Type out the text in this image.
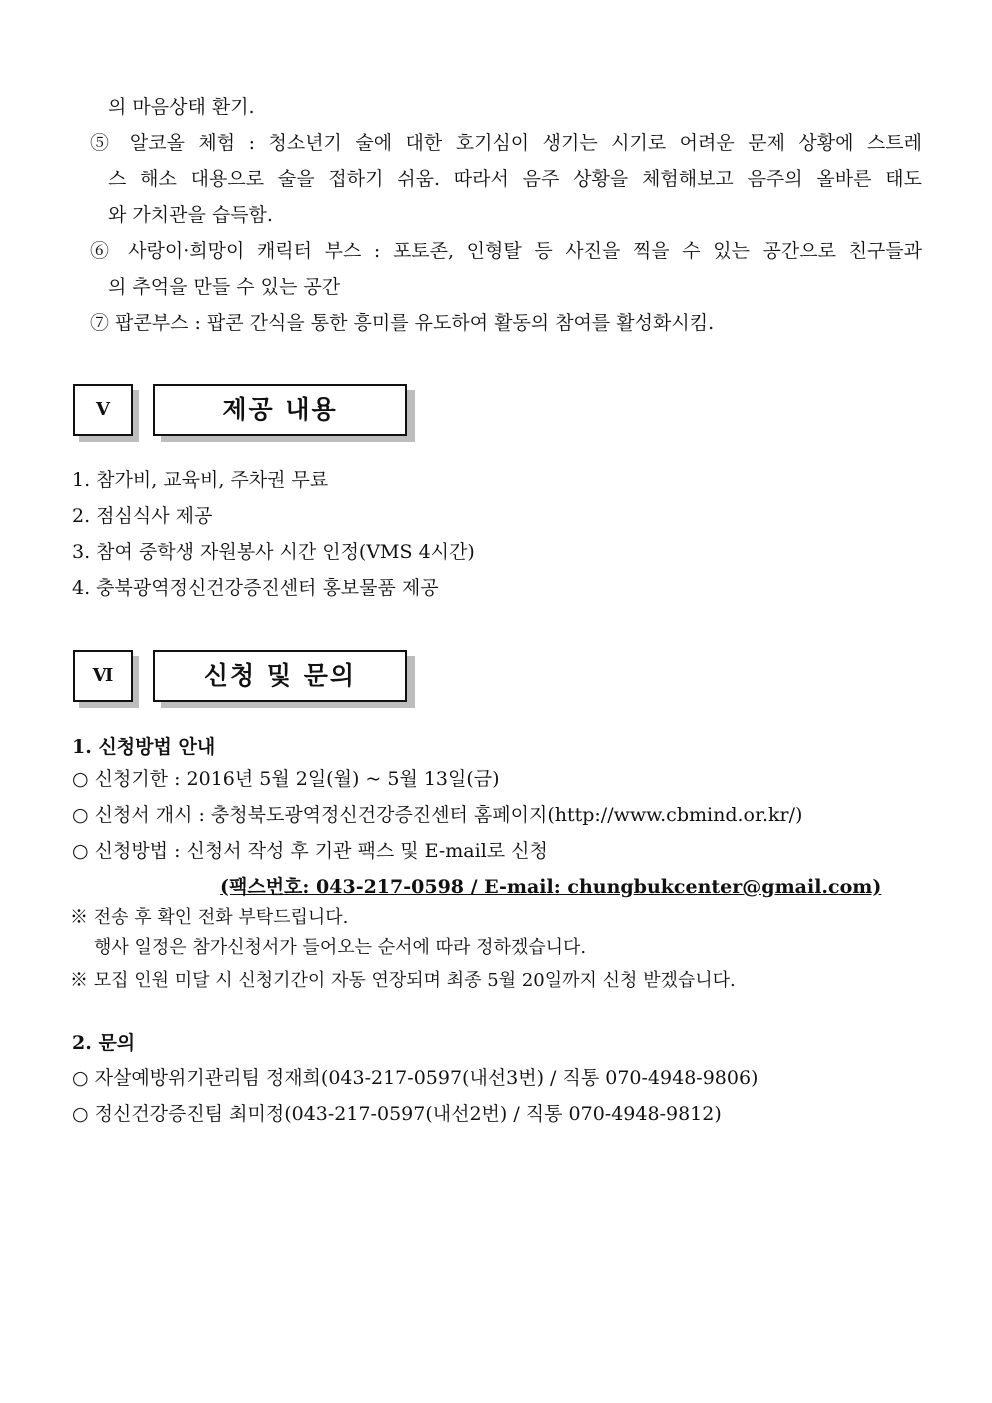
의 마음상태 환기.
⑤ 알코올 체험 : 청소년기 술에 대한 호기심이 생기는 시기로 어려운 문제 상황에 스트레
스 해소 대용으로 술을 접하기 쉬움. 따라서 음주 상황을 체험해보고 음주의 올바른 태도
와 가치관을 습득함.
⑥ 사랑이·희망이 캐릭터 부스 : 포토존, 인형탈 등 사진을 찍을 수 있는 공간으로 친구들과
의 추억을 만들 수 있는 공간
⑦ 팝콘부스 : 팝콘 간식을 통한 흥미를 유도하여 활동의 참여를 활성화시킴.
Ⅴ	제공 내용
1. 참가비, 교육비, 주차권 무료
2. 점심식사 제공
3. 참여 중학생 자원봉사 시간 인정(VMS 4시간)
4. 충북광역정신건강증진센터 홍보물품 제공
Ⅵ	신청 및 문의
1. 신청방법 안내
○ 신청기한 : 2016년 5월 2일(월) ~ 5월 13일(금)
○ 신청서 개시 : 충청북도광역정신건강증진센터 홈페이지(http://www.cbmind.or.kr/)
○ 신청방법 : 신청서 작성 후 기관 팩스 및 E-mail로 신청
(팩스번호: 043-217-0598 / E-mail: chungbukcenter@gmail.com)
※ 전송 후 확인 전화 부탁드립니다.
행사 일정은 참가신청서가 들어오는 순서에 따라 정하겠습니다.
※ 모집 인원 미달 시 신청기간이 자동 연장되며 최종 5월 20일까지 신청 받겠습니다.
2. 문의
○ 자살예방위기관리팀 정재희(043-217-0597(내선3번) / 직통 070-4948-9806)
○ 정신건강증진팀 최미정(043-217-0597(내선2번) / 직통 070-4948-9812)
